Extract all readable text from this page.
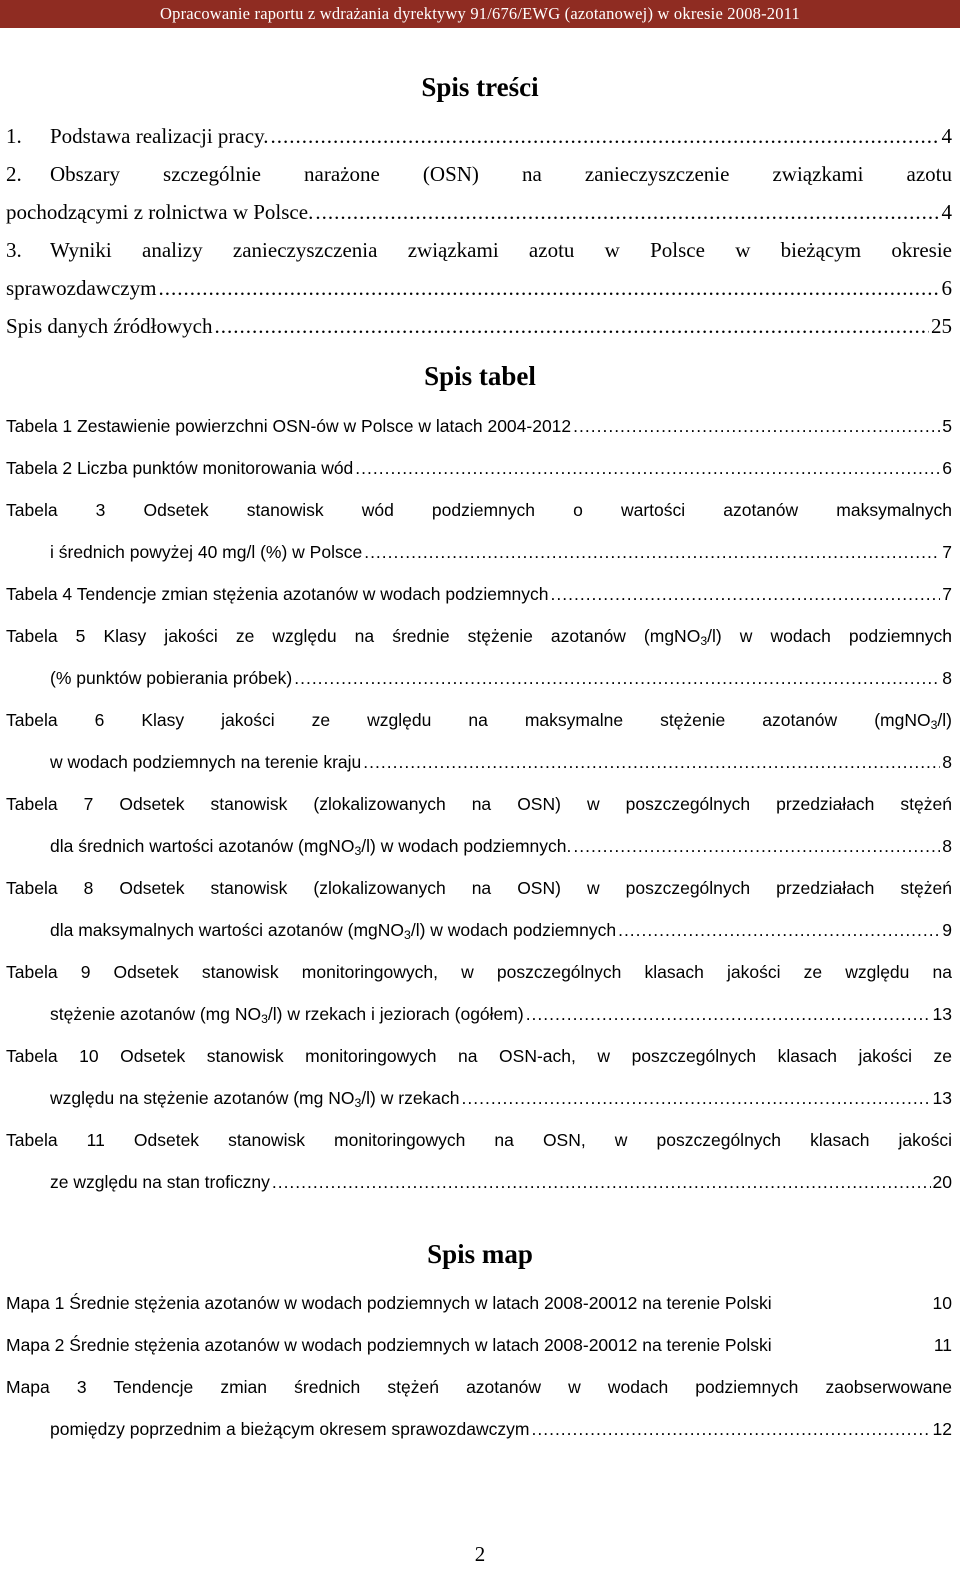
Opracowanie raportu z wdrażania dyrektywy 91/676/EWG (azotanowej) w okresie 2008-2011
Spis treści
1. Podstawa realizacji pracy. .....	4
2.	Obszary szczególnie narażone (OSN) na zanieczyszczenie związkami azotu
pochodzącymi z rolnictwa w Polsce. .....	4
3.	Wyniki analizy zanieczyszczenia związkami azotu w Polsce w bieżącym okresie
sprawozdawczym .....	6
Spis danych źródłowych .....	25
Spis tabel
Tabela 1 Zestawienie powierzchni OSN-ów w Polsce w latach 2004-2012 .....	5
Tabela 2 Liczba punktów monitorowania wód .....	6
Tabela 3 Odsetek stanowisk wód podziemnych o wartości azotanów maksymalnych
i średnich powyżej 40 mg/l (%) w Polsce .....	7
Tabela 4 Tendencje zmian stężenia azotanów w wodach podziemnych .....	7
Tabela 5 Klasy jakości ze względu na średnie stężenie azotanów (mgNO$_3$/l) w wodach podziemnych
(% punktów pobierania próbek) .....	8
Tabela 6 Klasy jakości ze względu na maksymalne stężenie azotanów (mgNO$_3$/l)
w wodach podziemnych na terenie kraju .....	8
Tabela 7 Odsetek stanowisk (zlokalizowanych na OSN) w poszczególnych przedziałach stężeń
dla średnich wartości azotanów (mgNO$_3$/l) w wodach podziemnych. .....	8
Tabela 8 Odsetek stanowisk (zlokalizowanych na OSN) w poszczególnych przedziałach stężeń
dla maksymalnych wartości azotanów (mgNO$_3$/l) w wodach podziemnych .....	9
Tabela 9 Odsetek stanowisk monitoringowych, w poszczególnych klasach jakości ze względu na
stężenie azotanów (mg $NO_3/l$) w rzekach i jeziorach (ogółem) .....	13
Tabela 10 Odsetek stanowisk monitoringowych na OSN-ach, w poszczególnych klasach jakości ze
względu na stężenie azotanów (mg $NO_3/l$) w rzekach .....	13
Tabela 11 Odsetek stanowisk monitoringowych na OSN, w poszczególnych klasach jakości
ze względu na stan troficzny .....	20
Spis map
Mapa 1 Średnie stężenia azotanów w wodach podziemnych w latach 2008-20012 na terenie Polski	10
Mapa 2 Średnie stężenia azotanów w wodach podziemnych w latach 2008-20012 na terenie Polski	11
Mapa 3 Tendencje zmian średnich stężeń azotanów w wodach podziemnych zaobserwowane
pomiędzy poprzednim a bieżącym okresem sprawozdawczym .....	12
2
